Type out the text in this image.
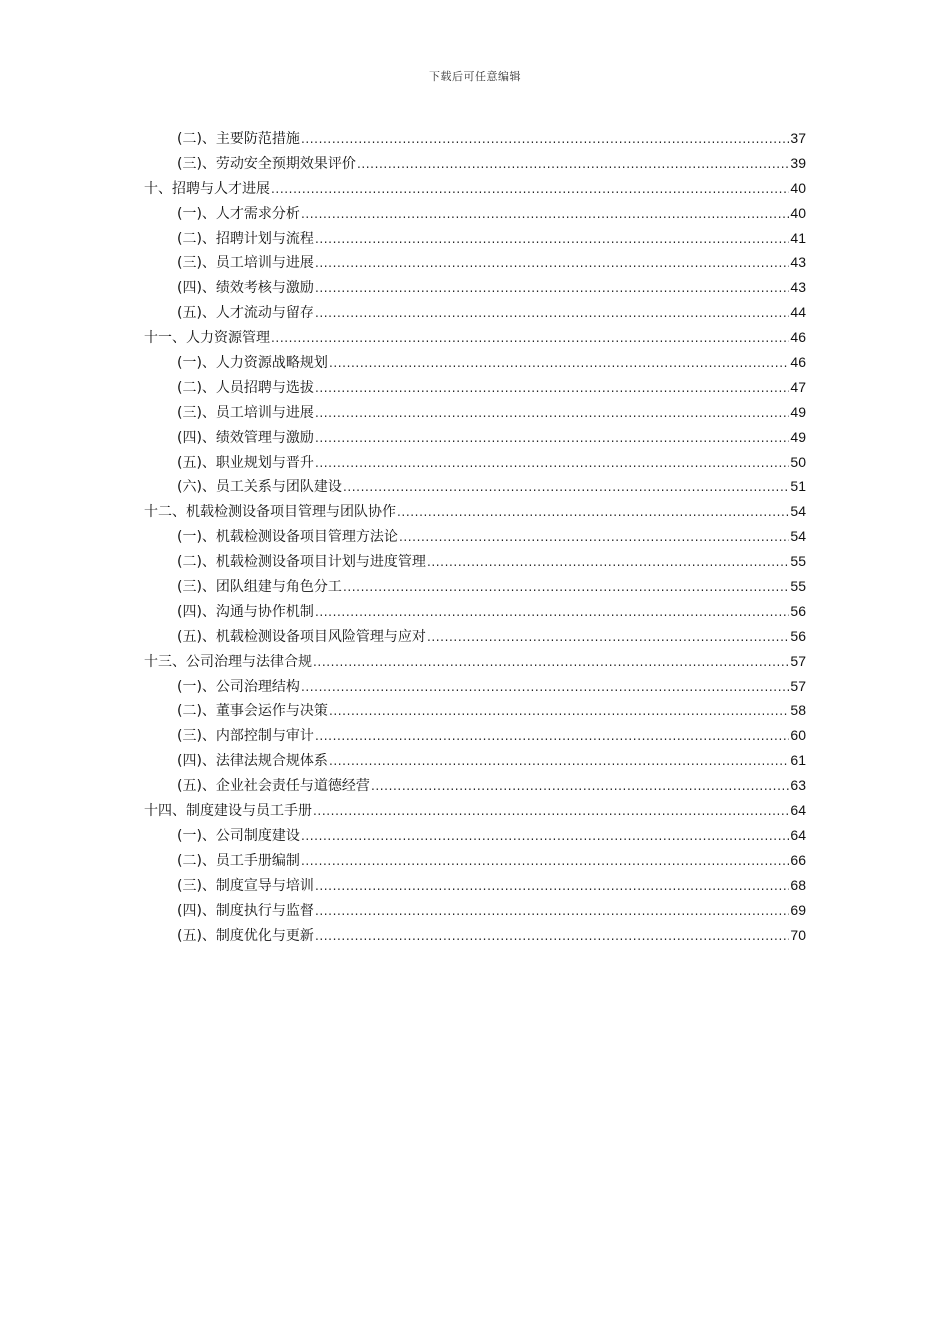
下载后可任意编辑
(二)、主要防范措施 .....	37
(三)、劳动安全预期效果评价 .....	39
十、招聘与人才进展 .....	40
(一)、人才需求分析 .....	40
(二)、招聘计划与流程 .....	41
(三)、员工培训与进展 .....	43
(四)、绩效考核与激励 .....	43
(五)、人才流动与留存 .....	44
十一、人力资源管理 .....	46
(一)、人力资源战略规划 .....	46
(二)、人员招聘与选拔 .....	47
(三)、员工培训与进展 .....	49
(四)、绩效管理与激励 .....	49
(五)、职业规划与晋升 .....	50
(六)、员工关系与团队建设 .....	51
十二、机载检测设备项目管理与团队协作 .....	54
(一)、机载检测设备项目管理方法论 .....	54
(二)、机载检测设备项目计划与进度管理 .....	55
(三)、团队组建与角色分工 .....	55
(四)、沟通与协作机制 .....	56
(五)、机载检测设备项目风险管理与应对 .....	56
十三、公司治理与法律合规 .....	57
(一)、公司治理结构 .....	57
(二)、董事会运作与决策 .....	58
(三)、内部控制与审计 .....	60
(四)、法律法规合规体系 .....	61
(五)、企业社会责任与道德经营 .....	63
十四、制度建设与员工手册 .....	64
(一)、公司制度建设 .....	64
(二)、员工手册编制 .....	66
(三)、制度宣导与培训 .....	68
(四)、制度执行与监督 .....	69
(五)、制度优化与更新 .....	70
